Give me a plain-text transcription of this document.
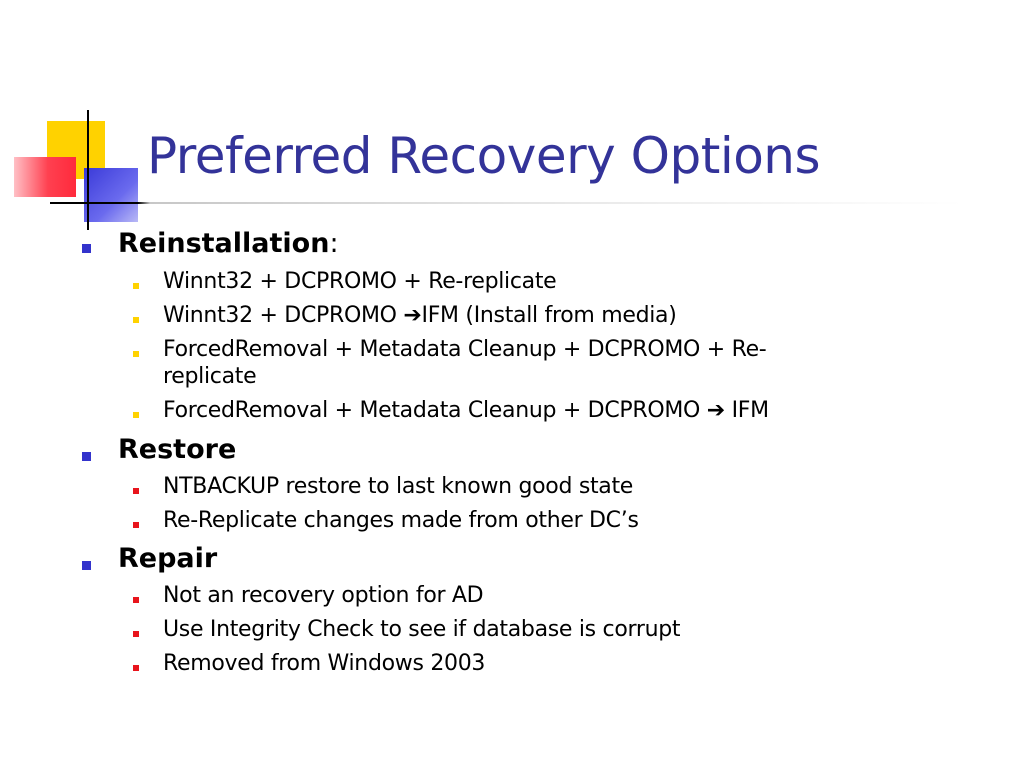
Preferred Recovery Options
Reinstallation:
Winnt32 + DCPROMO + Re-replicate
Winnt32 + DCPROMO ➔IFM (Install from media)
ForcedRemoval + Metadata Cleanup + DCPROMO + Re-
replicate
ForcedRemoval + Metadata Cleanup + DCPROMO ➔ IFM
Restore
NTBACKUP restore to last known good state
Re-Replicate changes made from other DC’s
Repair
Not an recovery option for AD
Use Integrity Check to see if database is corrupt
Removed from Windows 2003
